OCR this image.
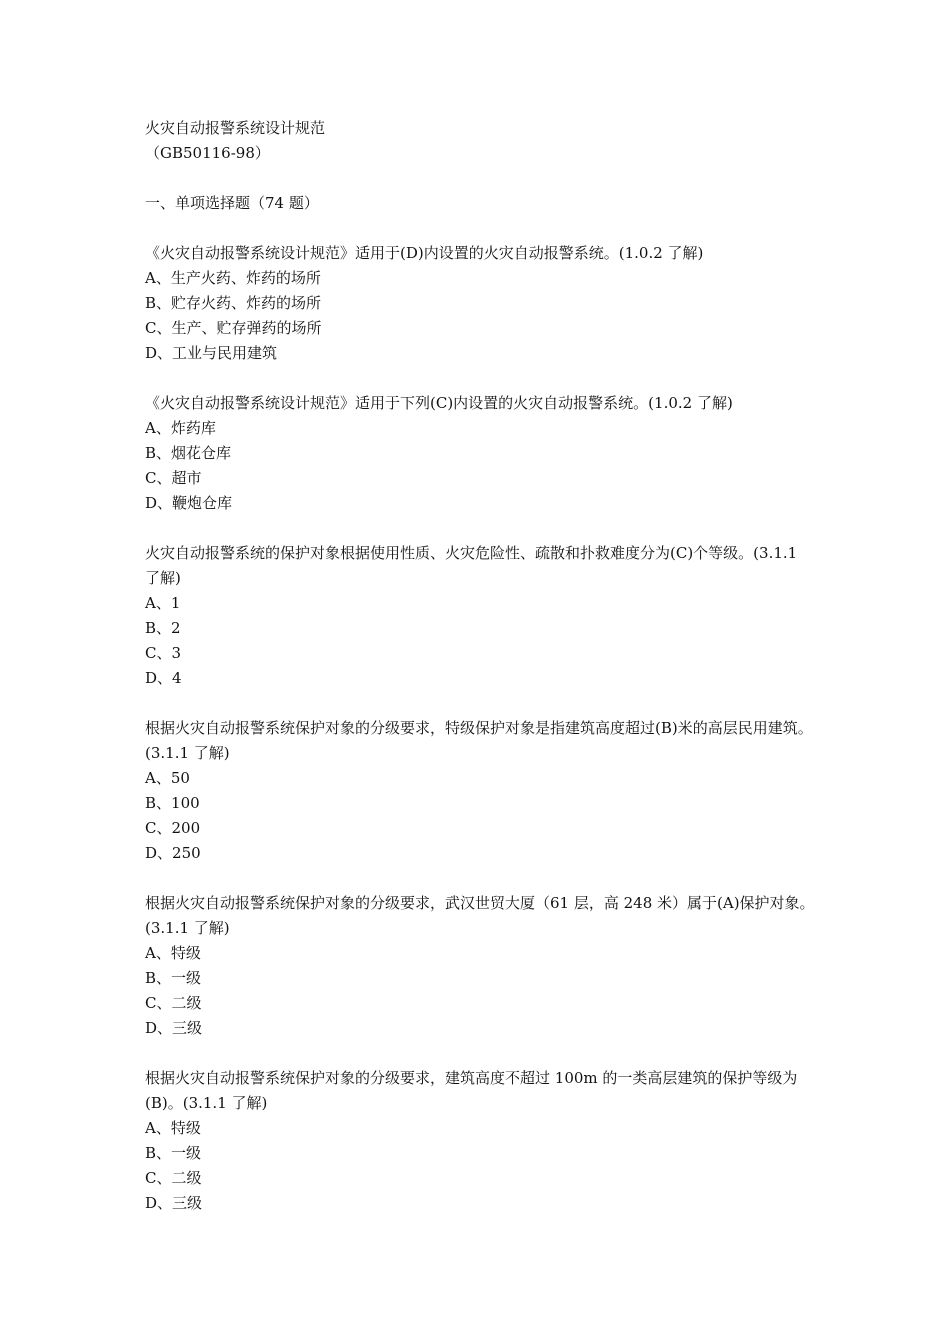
火灾自动报警系统设计规范
（GB50116-98）
一、单项选择题（74 题）
《火灾自动报警系统设计规范》适用于(D)内设置的火灾自动报警系统。(1.0.2 了解)
A、生产火药、炸药的场所
B、贮存火药、炸药的场所
C、生产、贮存弹药的场所
D、工业与民用建筑
《火灾自动报警系统设计规范》适用于下列(C)内设置的火灾自动报警系统。(1.0.2 了解)
A、炸药库
B、烟花仓库
C、超市
D、鞭炮仓库
火灾自动报警系统的保护对象根据使用性质、火灾危险性、疏散和扑救难度分为(C)个等级。(3.1.1 了解)
A、1
B、2
C、3
D、4
根据火灾自动报警系统保护对象的分级要求，特级保护对象是指建筑高度超过(B)米的高层民用建筑。(3.1.1 了解)
A、50
B、100
C、200
D、250
根据火灾自动报警系统保护对象的分级要求，武汉世贸大厦（61 层，高 248 米）属于(A)保护对象。(3.1.1 了解)
A、特级
B、一级
C、二级
D、三级
根据火灾自动报警系统保护对象的分级要求，建筑高度不超过 100m 的一类高层建筑的保护等级为(B)。(3.1.1 了解)
A、特级
B、一级
C、二级
D、三级
